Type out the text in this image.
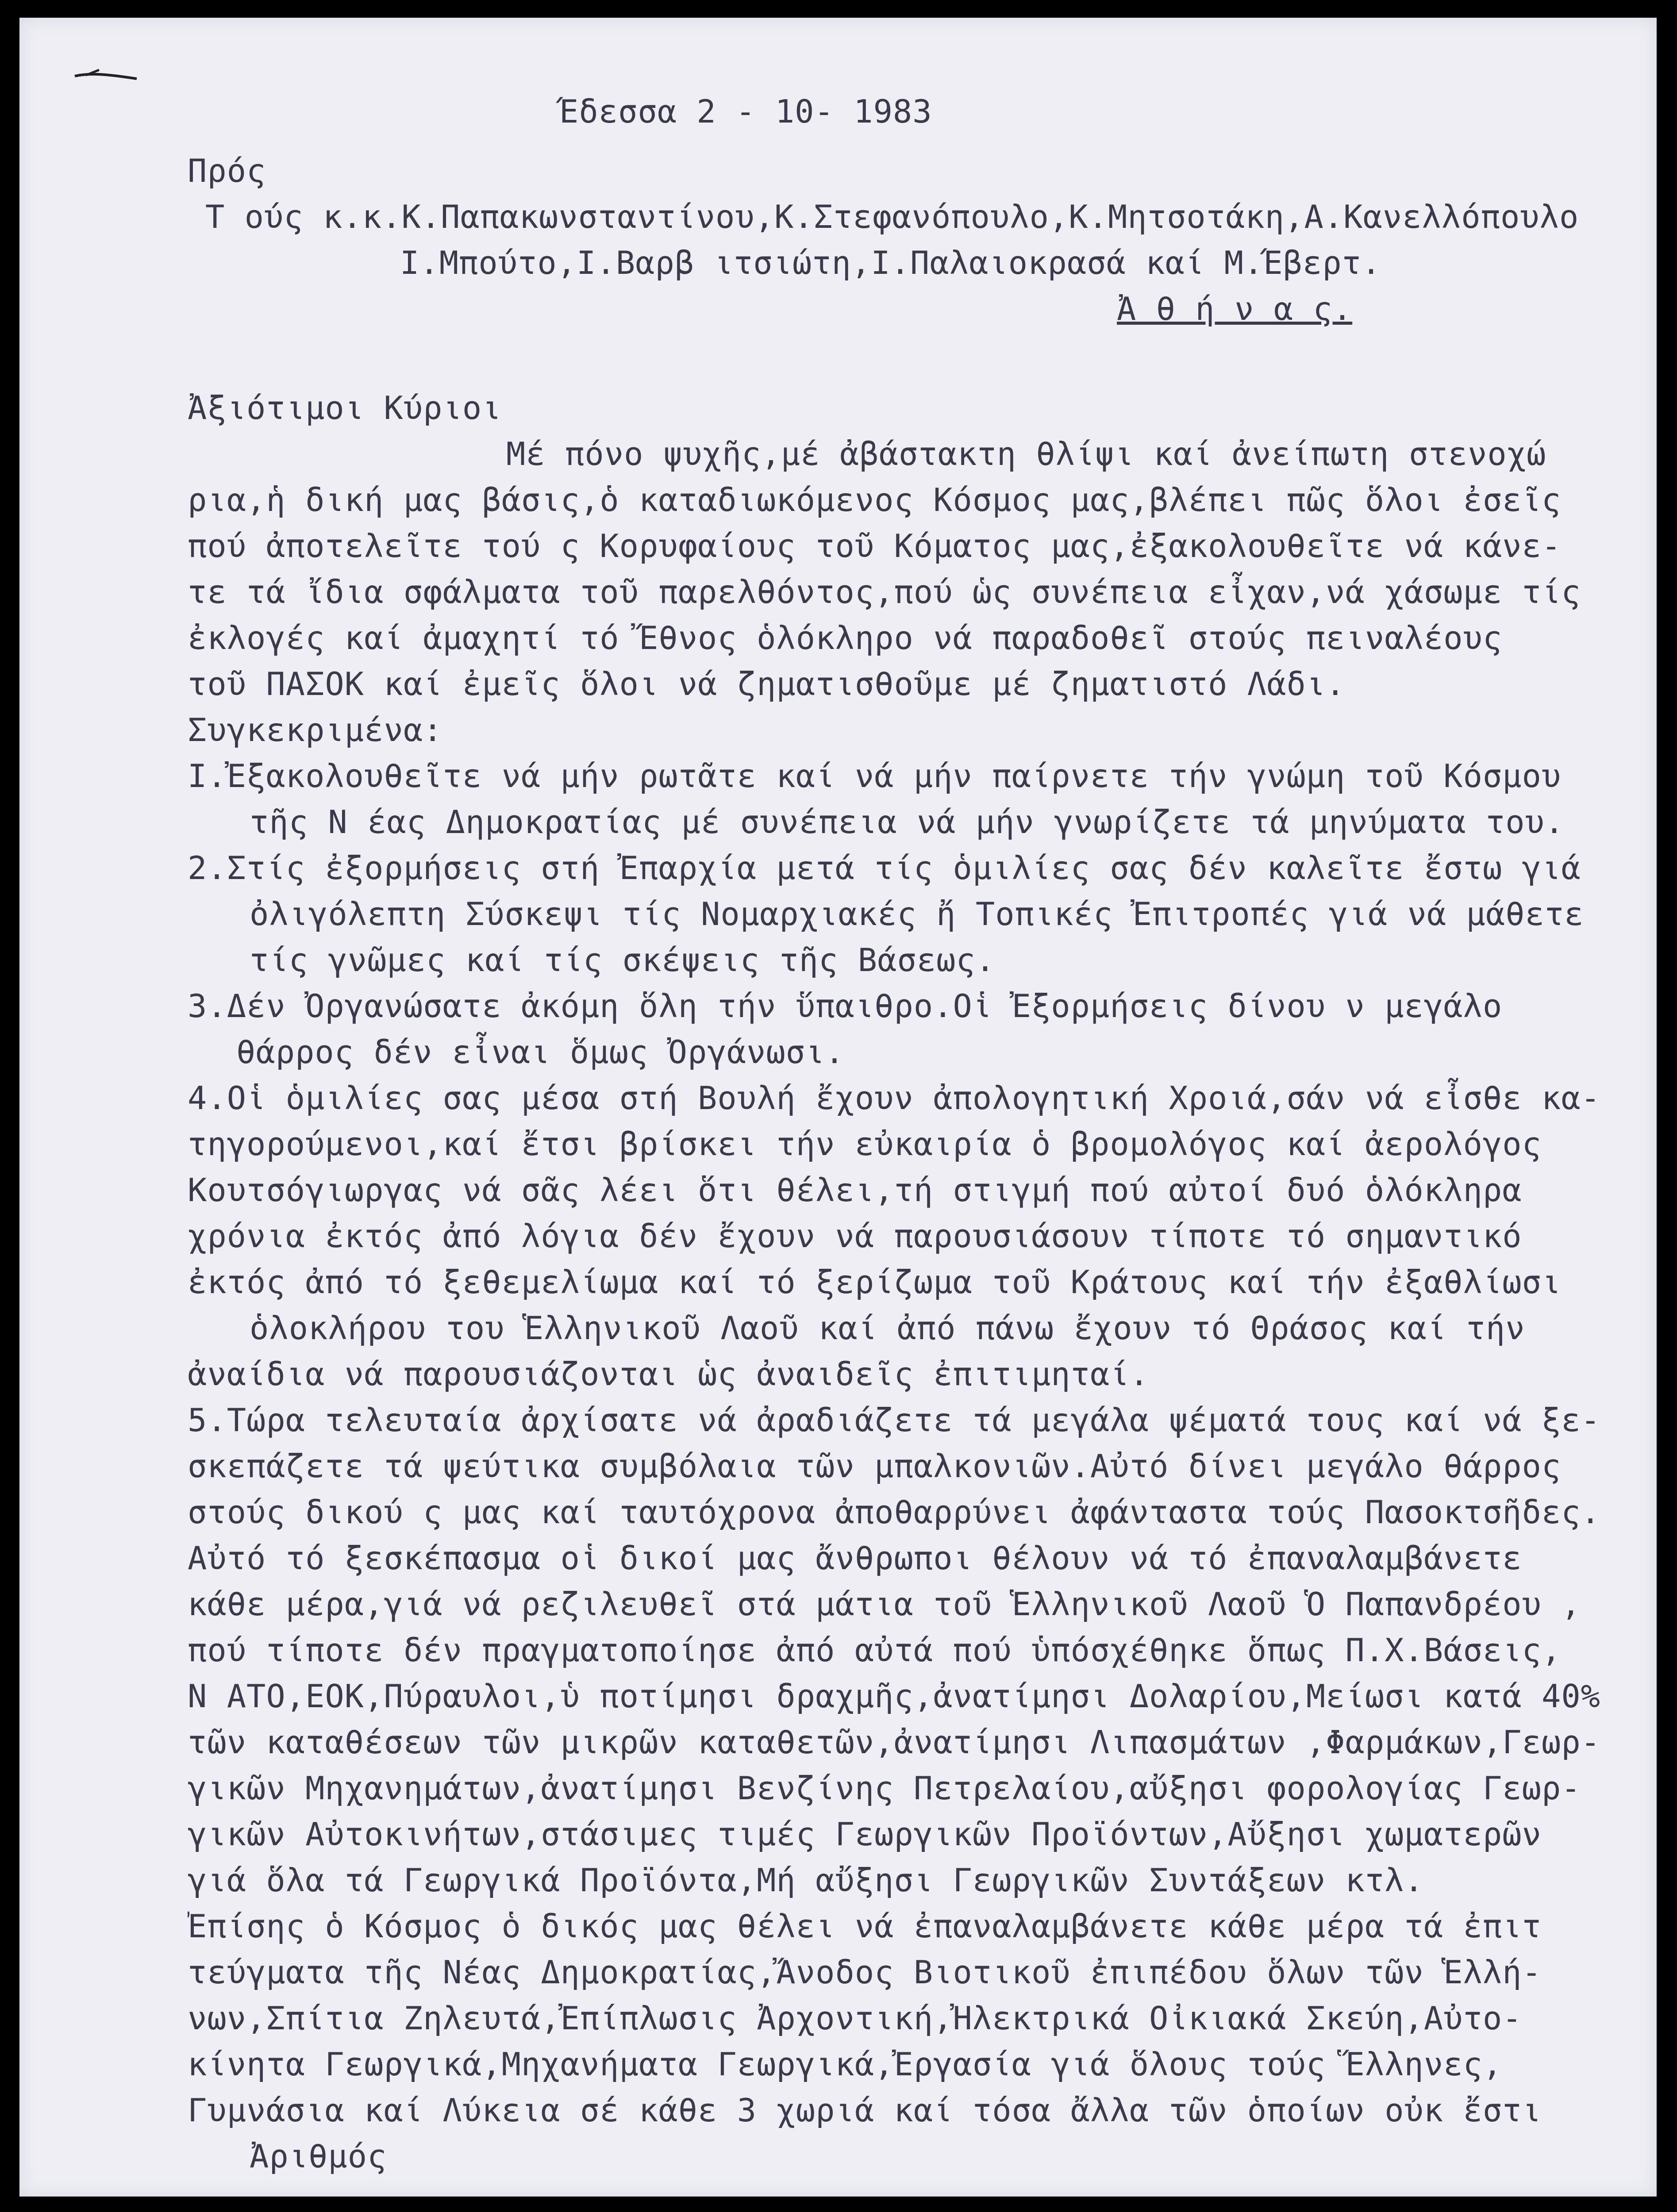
Έδεσσα 2 - 10- 1983
Πρός
Τ ούς κ.κ.Κ.Παπακωνσταντίνου,Κ.Στεφανόπουλο,Κ.Μητσοτάκη,Α.Κανελλόπουλο
Ι.Μπούτο,Ι.Βαρβ ιτσιώτη,Ι.Παλαιοκρασά καί Μ.Έβερτ.
Ἀ θ ή ν α ς.
Ἀξιότιμοι Κύριοι
Μέ πόνο ψυχῆς,μέ ἀβάστακτη θλίψι καί ἀνείπωτη στενοχώ
ρια,ἡ δική μας βάσις,ὁ καταδιωκόμενος Κόσμος μας,βλέπει πῶς ὅλοι ἐσεῖς
πού ἀποτελεῖτε τού ς Κορυφαίους τοῦ Κόματος μας,ἐξακολουθεῖτε νά κάνε-
τε τά ἴδια σφάλματα τοῦ παρελθόντος,πού ὡς συνέπεια εἶχαν,νά χάσωμε τίς
ἐκλογές καί ἀμαχητί τό Ἔθνος ὁλόκληρο νά παραδοθεῖ στούς πειναλέους
τοῦ ΠΑΣΟΚ καί ἐμεῖς ὅλοι νά ζηματισθοῦμε μέ ζηματιστό Λάδι.
Συγκεκριμένα:
Ι.Ἐξακολουθεῖτε νά μήν ρωτᾶτε καί νά μήν παίρνετε τήν γνώμη τοῦ Κόσμου
τῆς Ν έας Δημοκρατίας μέ συνέπεια νά μήν γνωρίζετε τά μηνύματα του.
2.Στίς ἐξορμήσεις στή Ἐπαρχία μετά τίς ὁμιλίες σας δέν καλεῖτε ἔστω γιά
ὀλιγόλεπτη Σύσκεψι τίς Νομαρχιακές ἤ Τοπικές Ἐπιτροπές γιά νά μάθετε
τίς γνῶμες καί τίς σκέψεις τῆς Βάσεως.
3.Δέν Ὀργανώσατε ἀκόμη ὅλη τήν ὕπαιθρο.Οἱ Ἐξορμήσεις δίνου ν μεγάλο
θάρρος δέν εἶναι ὅμως Ὀργάνωσι.
4.Οἱ ὁμιλίες σας μέσα στή Βουλή ἔχουν ἀπολογητική Χροιά,σάν νά εἶσθε κα-
τηγορούμενοι,καί ἔτσι βρίσκει τήν εὐκαιρία ὁ βρομολόγος καί ἀερολόγος
Κουτσόγιωργας νά σᾶς λέει ὅτι θέλει,τή στιγμή πού αὐτοί δυό ὁλόκληρα
χρόνια ἐκτός ἀπό λόγια δέν ἔχουν νά παρουσιάσουν τίποτε τό σημαντικό
ἐκτός ἀπό τό ξεθεμελίωμα καί τό ξερίζωμα τοῦ Κράτους καί τήν ἐξαθλίωσι
ὁλοκλήρου του Ἑλληνικοῦ Λαοῦ καί ἀπό πάνω ἔχουν τό Θράσος καί τήν
ἀναίδια νά παρουσιάζονται ὡς ἀναιδεῖς ἐπιτιμηταί.
5.Τώρα τελευταία ἀρχίσατε νά ἀραδιάζετε τά μεγάλα ψέματά τους καί νά ξε-
σκεπάζετε τά ψεύτικα συμβόλαια τῶν μπαλκονιῶν.Αὐτό δίνει μεγάλο θάρρος
στούς δικού ς μας καί ταυτόχρονα ἀποθαρρύνει ἀφάνταστα τούς Πασοκτσῆδες.
Αὐτό τό ξεσκέπασμα οἱ δικοί μας ἄνθρωποι θέλουν νά τό ἐπαναλαμβάνετε
κάθε μέρα,γιά νά ρεζιλευθεῖ στά μάτια τοῦ Ἑλληνικοῦ Λαοῦ Ὁ Παπανδρέου ,
πού τίποτε δέν πραγματοποίησε ἀπό αὐτά πού ὑπόσχέθηκε ὅπως Π.Χ.Βάσεις,
Ν ΑΤΟ,ΕΟΚ,Πύραυλοι,ὑ ποτίμησι δραχμῆς,ἀνατίμησι Δολαρίου,Μείωσι κατά 40%
τῶν καταθέσεων τῶν μικρῶν καταθετῶν,ἀνατίμησι Λιπασμάτων ,Φαρμάκων,Γεωρ-
γικῶν Μηχανημάτων,ἀνατίμησι Βενζίνης Πετρελαίου,αὔξησι φορολογίας Γεωρ-
γικῶν Αὐτοκινήτων,στάσιμες τιμές Γεωργικῶν Προϊόντων,Αὔξησι χωματερῶν
γιά ὅλα τά Γεωργικά Προϊόντα,Μή αὔξησι Γεωργικῶν Συντάξεων κτλ.
Ἐπίσης ὁ Κόσμος ὁ δικός μας θέλει νά ἐπαναλαμβάνετε κάθε μέρα τά ἐπιτ
τεύγματα τῆς Νέας Δημοκρατίας,Ἄνοδος Βιοτικοῦ ἐπιπέδου ὅλων τῶν Ἑλλή-
νων,Σπίτια Ζηλευτά,Ἐπίπλωσις Ἀρχοντική,Ἠλεκτρικά Οἰκιακά Σκεύη,Αὐτο-
κίνητα Γεωργικά,Μηχανήματα Γεωργικά,Ἐργασία γιά ὅλους τούς Ἕλληνες,
Γυμνάσια καί Λύκεια σέ κάθε 3 χωριά καί τόσα ἄλλα τῶν ὁποίων οὐκ ἔστι
Ἀριθμός
